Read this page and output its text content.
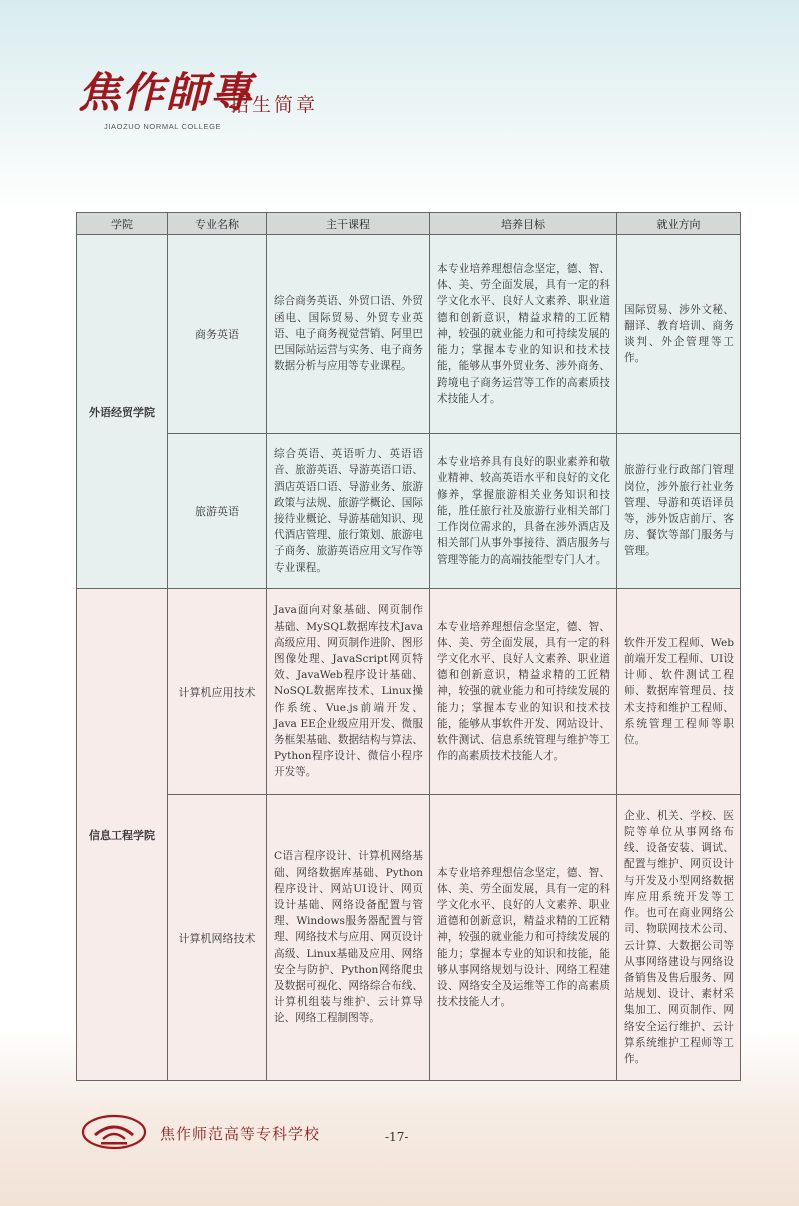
焦作師專
JIAOZUO NORMAL COLLEGE
招生简章
学院	专业名称	主干课程	培养目标	就业方向
外语经贸学院	商务英语	综合商务英语、外贸口语、外贸函电、国际贸易、外贸专业英语、电子商务视觉营销、阿里巴巴国际站运营与实务、电子商务数据分析与应用等专业课程。	本专业培养理想信念坚定，德、智、体、美、劳全面发展，具有一定的科学文化水平、良好人文素养、职业道德和创新意识，精益求精的工匠精神，较强的就业能力和可持续发展的能力；掌握本专业的知识和技术技能，能够从事外贸业务、涉外商务、跨境电子商务运营等工作的高素质技术技能人才。	国际贸易、涉外文秘、翻译、教育培训、商务谈判、外企管理等工作。
	旅游英语	综合英语、英语听力、英语语音、旅游英语、导游英语口语、酒店英语口语、导游业务、旅游政策与法规、旅游学概论、国际接待业概论、导游基础知识、现代酒店管理、旅行策划、旅游电子商务、旅游英语应用文写作等专业课程。	本专业培养具有良好的职业素养和敬业精神、较高英语水平和良好的文化修养，掌握旅游相关业务知识和技能，胜任旅行社及旅游行业相关部门工作岗位需求的，具备在涉外酒店及相关部门从事外事接待、酒店服务与管理等能力的高端技能型专门人才。	旅游行业行政部门管理岗位，涉外旅行社业务管理、导游和英语译员等，涉外饭店前厅、客房、餐饮等部门服务与管理。
信息工程学院	计算机应用技术	Java面向对象基础、网页制作基础、MySQL数据库技术Java高级应用、网页制作进阶、图形图像处理、JavaScript网页特效、JavaWeb程序设计基础、NoSQL数据库技术、Linux操作系统、Vue.js前端开发、Java EE企业级应用开发、微服务框架基础、数据结构与算法、Python程序设计、微信小程序开发等。	本专业培养理想信念坚定，德、智、体、美、劳全面发展，具有一定的科学文化水平、良好人文素养、职业道德和创新意识，精益求精的工匠精神，较强的就业能力和可持续发展的能力；掌握本专业的知识和技术技能，能够从事软件开发、网站设计、软件测试、信息系统管理与维护等工作的高素质技术技能人才。	软件开发工程师、Web前端开发工程师、UI设计师、软件测试工程师、数据库管理员、技术支持和维护工程师、系统管理工程师等职位。
	计算机网络技术	C语言程序设计、计算机网络基础、网络数据库基础、Python程序设计、网站UI设计、网页设计基础、网络设备配置与管理、Windows服务器配置与管理、网络技术与应用、网页设计高级、Linux基础及应用、网络安全与防护、Python网络爬虫及数据可视化、网络综合布线、计算机组装与维护、云计算导论、网络工程制图等。	本专业培养理想信念坚定，德、智、体、美、劳全面发展，具有一定的科学文化水平、良好的人文素养、职业道德和创新意识，精益求精的工匠精神，较强的就业能力和可持续发展的能力；掌握本专业的知识和技能，能够从事网络规划与设计、网络工程建设、网络安全及运维等工作的高素质技术技能人才。	企业、机关、学校、医院等单位从事网络布线、设备安装、调试、配置与维护、网页设计与开发及小型网络数据库应用系统开发等工作。也可在商业网络公司、物联网技术公司、云计算、大数据公司等从事网络建设与网络设备销售及售后服务、网站规划、设计、素材采集加工、网页制作、网络安全运行维护、云计算系统维护工程师等工作。
焦作师范高等专科学校	-17-
